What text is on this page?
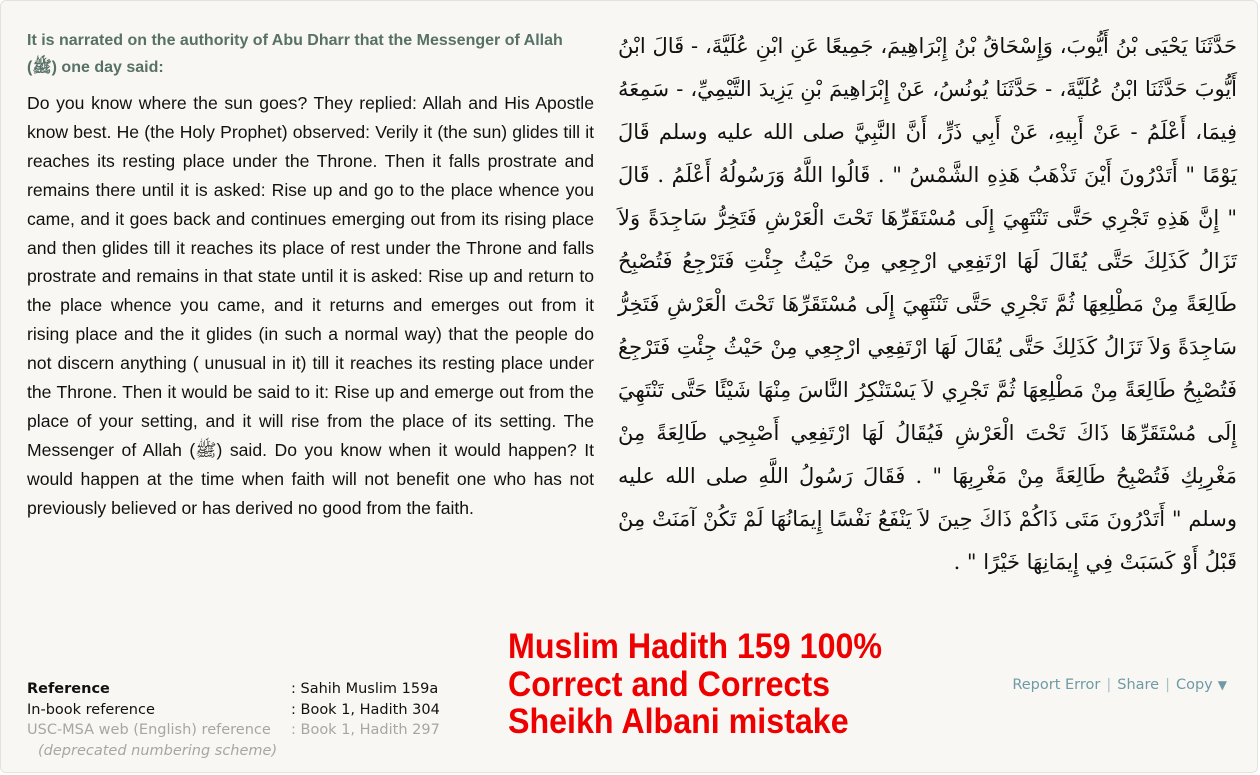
It is narrated on the authority of Abu Dharr that the Messenger of Allah (ﷺ) one day said:

Do you know where the sun goes? They replied: Allah and His Apostle know best. He (the Holy Prophet) observed: Verily it (the sun) glides till it reaches its resting place under the Throne. Then it falls prostrate and remains there until it is asked: Rise up and go to the place whence you came, and it goes back and continues emerging out from its rising place and then glides till it reaches its place of rest under the Throne and falls prostrate and remains in that state until it is asked: Rise up and return to the place whence you came, and it returns and emerges out from it rising place and the it glides (in such a normal way) that the people do not discern anything ( unusual in it) till it reaches its resting place under the Throne. Then it would be said to it: Rise up and emerge out from the place of your setting, and it will rise from the place of its setting. The Messenger of Allah (ﷺ) said. Do you know when it would happen? It would happen at the time when faith will not benefit one who has not previously believed or has derived no good from the faith.

حَدَّثَنَا يَحْيَى بْنُ أَيُّوبَ، وَإِسْحَاقُ بْنُ إِبْرَاهِيمَ، جَمِيعًا عَنِ ابْنِ عُلَيَّةَ، - قَالَ ابْنُ أَيُّوبَ حَدَّثَنَا ابْنُ عُلَيَّةَ، - حَدَّثَنَا يُونُسُ، عَنْ إِبْرَاهِيمَ بْنِ يَزِيدَ التَّيْمِيِّ، - سَمِعَهُ فِيمَا، أَعْلَمُ - عَنْ أَبِيهِ، عَنْ أَبِي ذَرٍّ، أَنَّ النَّبِيَّ صلى الله عليه وسلم قَالَ يَوْمًا " أَتَدْرُونَ أَيْنَ تَذْهَبُ هَذِهِ الشَّمْسُ " . قَالُوا اللَّهُ وَرَسُولُهُ أَعْلَمُ . قَالَ " إِنَّ هَذِهِ تَجْرِي حَتَّى تَنْتَهِيَ إِلَى مُسْتَقَرِّهَا تَحْتَ الْعَرْشِ فَتَخِرُّ سَاجِدَةً وَلاَ تَزَالُ كَذَلِكَ حَتَّى يُقَالَ لَهَا ارْتَفِعِي ارْجِعِي مِنْ حَيْثُ جِئْتِ فَتَرْجِعُ فَتُصْبِحُ طَالِعَةً مِنْ مَطْلِعِهَا ثُمَّ تَجْرِي حَتَّى تَنْتَهِيَ إِلَى مُسْتَقَرِّهَا تَحْتَ الْعَرْشِ فَتَخِرُّ سَاجِدَةً وَلاَ تَزَالُ كَذَلِكَ حَتَّى يُقَالَ لَهَا ارْتَفِعِي ارْجِعِي مِنْ حَيْثُ جِئْتِ فَتَرْجِعُ فَتُصْبِحُ طَالِعَةً مِنْ مَطْلِعِهَا ثُمَّ تَجْرِي لاَ يَسْتَنْكِرُ النَّاسَ مِنْهَا شَيْئًا حَتَّى تَنْتَهِيَ إِلَى مُسْتَقَرِّهَا ذَاكَ تَحْتَ الْعَرْشِ فَيُقَالُ لَهَا ارْتَفِعِي أَصْبِحِي طَالِعَةً مِنْ مَغْرِبِكِ فَتُصْبِحُ طَالِعَةً مِنْ مَغْرِبِهَا " . فَقَالَ رَسُولُ اللَّهِ صلى الله عليه وسلم " أَتَدْرُونَ مَتَى ذَاكُمْ ذَاكَ حِينَ لاَ يَنْفَعُ نَفْسًا إِيمَانُهَا لَمْ تَكُنْ آمَنَتْ مِنْ قَبْلُ أَوْ كَسَبَتْ فِي إِيمَانِهَا خَيْرًا " .

Reference	: Sahih Muslim 159a
In-book reference	: Book 1, Hadith 304
USC-MSA web (English) reference	: Book 1, Hadith 297
(deprecated numbering scheme)
Muslim Hadith 159 100%
Correct and Corrects
Sheikh Albani mistake
Report Error | Share | Copy ▼
